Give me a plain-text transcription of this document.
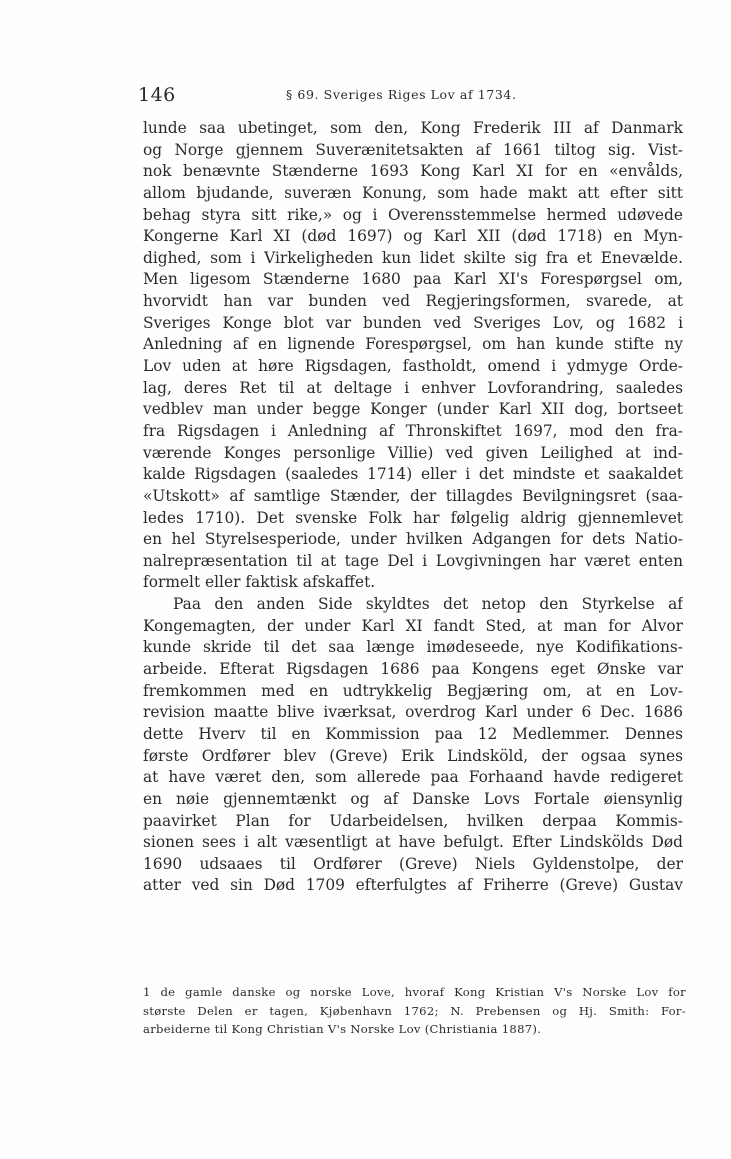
146	§ 69. Sveriges Riges Lov af 1734.
lunde saa ubetinget, som den, Kong Frederik III af Danmark
og Norge gjennem Suverænitetsakten af 1661 tiltog sig. Vist-
nok benævnte Stænderne 1693 Kong Karl XI for en «envålds,
allom bjudande, suveræn Konung, som hade makt att efter sitt
behag styra sitt rike,» og i Overensstemmelse hermed udøvede
Kongerne Karl XI (død 1697) og Karl XII (død 1718) en Myn-
dighed, som i Virkeligheden kun lidet skilte sig fra et Enevælde.
Men ligesom Stænderne 1680 paa Karl XI's Forespørgsel om,
hvorvidt han var bunden ved Regjeringsformen, svarede, at
Sveriges Konge blot var bunden ved Sveriges Lov, og 1682 i
Anledning af en lignende Forespørgsel, om han kunde stifte ny
Lov uden at høre Rigsdagen, fastholdt, omend i ydmyge Orde-
lag, deres Ret til at deltage i enhver Lovforandring, saaledes
vedblev man under begge Konger (under Karl XII dog, bortseet
fra Rigsdagen i Anledning af Thronskiftet 1697, mod den fra-
værende Konges personlige Villie) ved given Leilighed at ind-
kalde Rigsdagen (saaledes 1714) eller i det mindste et saakaldet
«Utskott» af samtlige Stænder, der tillagdes Bevilgningsret (saa-
ledes 1710). Det svenske Folk har følgelig aldrig gjennemlevet
en hel Styrelsesperiode, under hvilken Adgangen for dets Natio-
nalrepræsentation til at tage Del i Lovgivningen har været enten
formelt eller faktisk afskaffet.
Paa den anden Side skyldtes det netop den Styrkelse af
Kongemagten, der under Karl XI fandt Sted, at man for Alvor
kunde skride til det saa længe imødeseede, nye Kodifikations-
arbeide. Efterat Rigsdagen 1686 paa Kongens eget Ønske var
fremkommen med en udtrykkelig Begjæring om, at en Lov-
revision maatte blive iværksat, overdrog Karl under 6 Dec. 1686
dette Hverv til en Kommission paa 12 Medlemmer. Dennes
første Ordfører blev (Greve) Erik Lindsköld, der ogsaa synes
at have været den, som allerede paa Forhaand havde redigeret
en nøie gjennemtænkt og af Danske Lovs Fortale øiensynlig
paavirket Plan for Udarbeidelsen, hvilken derpaa Kommis-
sionen sees i alt væsentligt at have befulgt. Efter Lindskölds Død
1690 udsaaes til Ordfører (Greve) Niels Gyldenstolpe, der
atter ved sin Død 1709 efterfulgtes af Friherre (Greve) Gustav
1 de gamle danske og norske Love, hvoraf Kong Kristian V's Norske Lov for
største Delen er tagen, Kjøbenhavn 1762; N. Prebensen og Hj. Smith: For-
arbeiderne til Kong Christian V's Norske Lov (Christiania 1887).
